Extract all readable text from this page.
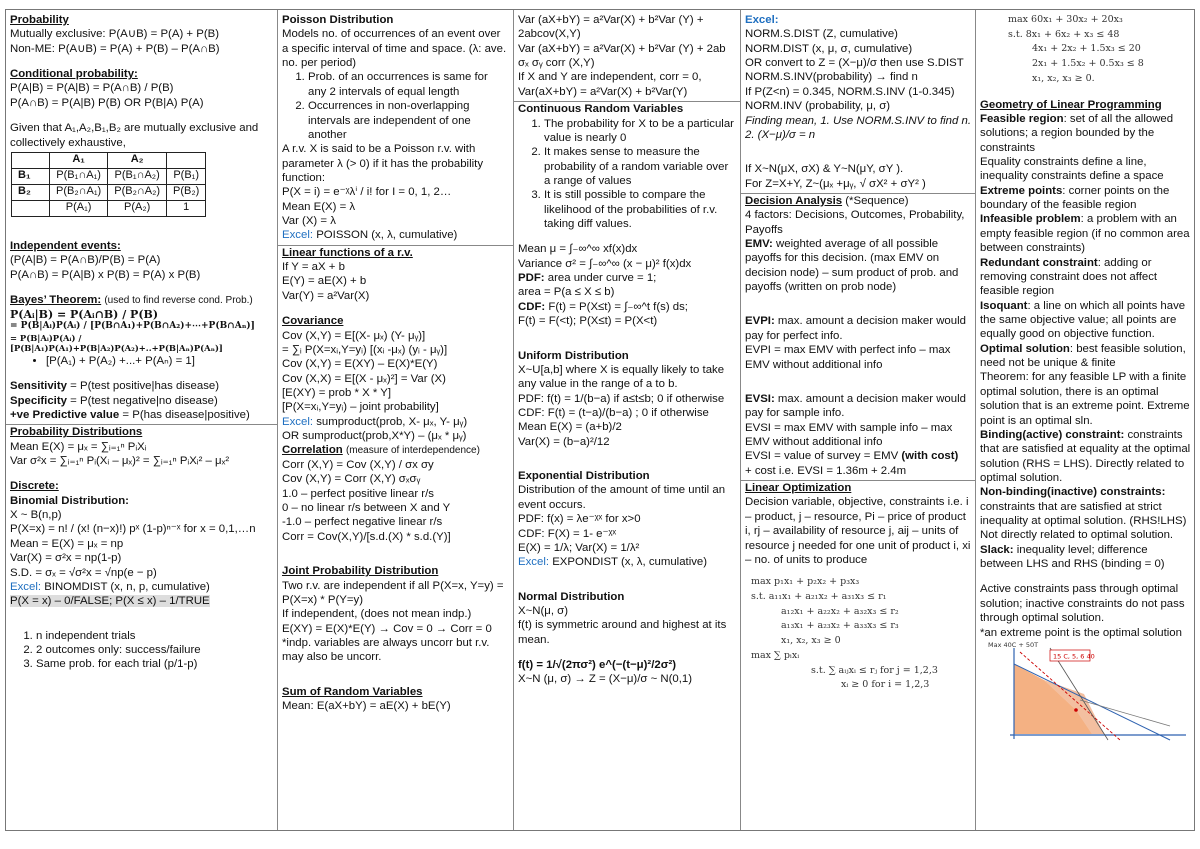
Probability

Mutually exclusive: P(A∪B) = P(A) + P(B)

Non-ME: P(A∪B) = P(A) + P(B) – P(A∩B)

Conditional probability:

P(A|B) = P(A|B) = P(A∩B) / P(B)

P(A∩B) = P(A|B) P(B) OR P(B|A) P(A)

Given that A₁,A₂,B₁,B₂ are mutually exclusive and collectively exhaustive,

	A₁	A₂	
B₁	P(B₁∩A₁)	P(B₁∩A₂)	P(B₁)
B₂	P(B₂∩A₁)	P(B₂∩A₂)	P(B₂)
	P(A₁)	P(A₂)	1

Independent events:

(P(A|B) = P(A∩B)/P(B) = P(A)

P(A∩B) = P(A|B) x P(B) = P(A) x P(B)

Bayes’ Theorem: (used to find reverse cond. Prob.)

P(Aᵢ|B) = P(Aᵢ∩B) / P(B)

= P(B|Aᵢ)P(Aᵢ) / [P(B∩A₁)+P(B∩A₂)+⋯+P(B∩Aₙ)]

= P(B|Aᵢ)P(Aᵢ) / [P(B|A₁)P(A₁)+P(B|A₂)P(A₂)+..+P(B|Aₙ)P(Aₙ)]

• [P(A₁) + P(A₂) +...+ P(Aₙ) = 1]

Sensitivity = P(test positive|has disease)

Specificity = P(test negative|no disease)

+ve Predictive value = P(has disease|positive)

Probability Distributions

Mean E(X) = μₓ = ∑ᵢ₌₁ⁿ PᵢXᵢ

Var σ²x = ∑ᵢ₌₁ⁿ Pᵢ(Xᵢ – μₓ)² = ∑ᵢ₌₁ⁿ PᵢXᵢ² – μₓ²

Discrete:

Binomial Distribution:

X ~ B(n,p)

P(X=x) = n! / (x! (n−x)!) pˣ (1-p)ⁿ⁻ˣ for x = 0,1,…n

Mean = E(X) = μₓ = np

Var(X) = σ²x = np(1-p)

S.D. = σₓ = √σ²x = √np(e − p)

Excel: BINOMDIST (x, n, p, cumulative)

P(X = x) – 0/FALSE; P(X ≤ x) – 1/TRUE

1. n independent trials
2. 2 outcomes only: success/failure
3. Same prob. for each trial (p/1-p)

Poisson Distribution

Models no. of occurrences of an event over a specific interval of time and space. (λ: ave. no. per period)

1. Prob. of an occurrences is same for any 2 intervals of equal length
2. Occurrences in non-overlapping intervals are independent of one another

A r.v. X is said to be a Poisson r.v. with parameter λ (> 0) if it has the probability function:

P(X = i) = e⁻ᵡλⁱ / i! for I = 0, 1, 2…

Mean E(X) = λ

Var (X) = λ

Excel: POISSON (x, λ, cumulative)

Linear functions of a r.v.

If Y = aX + b

E(Y) = aE(X) + b

Var(Y) = a²Var(X)

Covariance

Cov (X,Y) = E[(X- μₓ) (Y- μᵧ)]

= ∑ᵢ P(X=xᵢ,Y=yᵢ) [(xᵢ -μₓ) (yᵢ - μᵧ)]

Cov (X,Y) = E(XY) – E(X)*E(Y)

Cov (X,X) = E[(X - μₓ)²] = Var (X)

[E(XY) = prob * X * Y]

[P(X=xᵢ,Y=yᵢ) – joint probability]

Excel: sumproduct(prob, X- μₓ, Y- μᵧ)

OR sumproduct(prob,X*Y) – (μₓ * μᵧ)

Correlation (measure of interdependence)

Corr (X,Y) = Cov (X,Y) / σx σy

Cov (X,Y) = Corr (X,Y) σₓσᵧ

1.0 – perfect positive linear r/s

0 – no linear r/s between X and Y

-1.0 – perfect negative linear r/s

Corr = Cov(X,Y)/[s.d.(X) * s.d.(Y)]

Joint Probability Distribution

Two r.v. are independent if all P(X=x, Y=y) = P(X=x) * P(Y=y)

If independent, (does not mean indp.)

E(XY) = E(X)*E(Y) → Cov = 0 → Corr = 0

*indp. variables are always uncorr but r.v. may also be uncorr.

Sum of Random Variables

Mean: E(aX+bY) = aE(X) + bE(Y)

Var (aX+bY) = a²Var(X) + b²Var (Y) + 2abcov(X,Y)

Var (aX+bY) = a²Var(X) + b²Var (Y) + 2ab σₓ σᵧ corr (X,Y)

If X and Y are independent, corr = 0,

Var(aX+bY) = a²Var(X) + b²Var(Y)

Continuous Random Variables

1. The probability for X to be a particular value is nearly 0
2. It makes sense to measure the probability of a random variable over a range of values
3. It is still possible to compare the likelihood of the probabilities of r.v. taking diff values.

Mean μ = ∫₋∞^∞ xf(x)dx

Variance σ² = ∫₋∞^∞ (x − μ)² f(x)dx

PDF: area under curve = 1;

area = P(a ≤ X ≤ b)

CDF: F(t) = P(X≤t) = ∫₋∞^t f(s) ds;

F(t) = F(<t); P(X≤t) = P(X<t)

Uniform Distribution

X~U[a,b] where X is equally likely to take any value in the range of a to b.

PDF: f(t) = 1/(b−a) if a≤t≤b; 0 if otherwise

CDF: F(t) = (t−a)/(b−a) ; 0 if otherwise

Mean E(X) = (a+b)/2

Var(X) = (b−a)²/12

Exponential Distribution

Distribution of the amount of time until an event occurs.

PDF: f(x) = λe⁻ᵡˣ for x>0

CDF: F(X) = 1- e⁻ᵡˣ

E(X) = 1/λ; Var(X) = 1/λ²

Excel: EXPONDIST (x, λ, cumulative)

Normal Distribution

X~N(μ, σ)

f(t) is symmetric around and highest at its mean.

f(t) = 1/√(2πσ²) e^(−(t−μ)²/2σ²)

X~N (μ, σ) → Z = (X−μ)/σ ~ N(0,1)

Excel:

NORM.S.DIST (Z, cumulative)

NORM.DIST (x, μ, σ, cumulative)

OR convert to Z = (X−μ)/σ then use S.DIST

NORM.S.INV(probability) → find n

If P(Z<n) = 0.345, NORM.S.INV (1-0.345)

NORM.INV (probability, μ, σ)

Finding mean, 1. Use NORM.S.INV to find n. 2. (X−μ)/σ = n

If X~N(μX, σX) & Y~N(μY, σY ).

For Z=X+Y, Z~(μₓ +μᵧ, √ σX² + σY² )

Decision Analysis (*Sequence)

4 factors: Decisions, Outcomes, Probability, Payoffs

EMV: weighted average of all possible payoffs for this decision. (max EMV on decision node) – sum product of prob. and payoffs (written on prob node)

EVPI: max. amount a decision maker would pay for perfect info.

EVPI = max EMV with perfect info – max EMV without additional info

EVSI: max. amount a decision maker would pay for sample info.

EVSI = max EMV with sample info – max EMV without additional info

EVSI = value of survey = EMV (with cost)

+ cost i.e. EVSI = 1.36m + 2.4m

Linear Optimization

Decision variable, objective, constraints i.e. i – product, j – resource, Pi – price of product i, rj – availability of resource j, aij – units of resource j needed for one unit of product i, xi – no. of units to produce

max p₁x₁ + p₂x₂ + p₃x₃

s.t. a₁₁x₁ + a₂₁x₂ + a₃₁x₃ ≤ r₁

a₁₂x₁ + a₂₂x₂ + a₃₂x₃ ≤ r₂

a₁₃x₁ + a₂₃x₂ + a₃₃x₃ ≤ r₃

x₁, x₂, x₃ ≥ 0

max ∑ pᵢxᵢ

s.t. ∑ aᵢⱼxᵢ ≤ rⱼ for j = 1,2,3

xᵢ ≥ 0 for i = 1,2,3

max 60x₁ + 30x₂ + 20x₃

s.t. 8x₁ + 6x₂ + x₃ ≤ 48

4x₁ + 2x₂ + 1.5x₃ ≤ 20

2x₁ + 1.5x₂ + 0.5x₃ ≤ 8

x₁, x₂, x₃ ≥ 0.

Geometry of Linear Programming

Feasible region: set of all the allowed solutions; a region bounded by the constraints

Equality constraints define a line, inequality constraints define a space

Extreme points: corner points on the boundary of the feasible region

Infeasible problem: a problem with an empty feasible region (if no common area between constraints)

Redundant constraint: adding or removing constraint does not affect feasible region

Isoquant: a line on which all points have the same objective value; all points are equally good on objective function.

Optimal solution: best feasible solution, need not be unique & finite

Theorem: for any feasible LP with a finite optimal solution, there is an optimal solution that is an extreme point. Extreme point is an optimal sln.

Binding(active) constraint: constraints that are satisfied at equality at the optimal solution (RHS = LHS). Directly related to optimal solution.

Non-binding(inactive) constraints: constraints that are satisfied at strict inequality at optimal solution. (RHS!LHS) Not directly related to optimal solution.

Slack: inequality level; difference between LHS and RHS (binding = 0)

Active constraints pass through optimal solution; inactive constraints do not pass through optimal solution.

*an extreme point is the optimal solution

15 C, 5, 6 40
Max 40C + 50T
